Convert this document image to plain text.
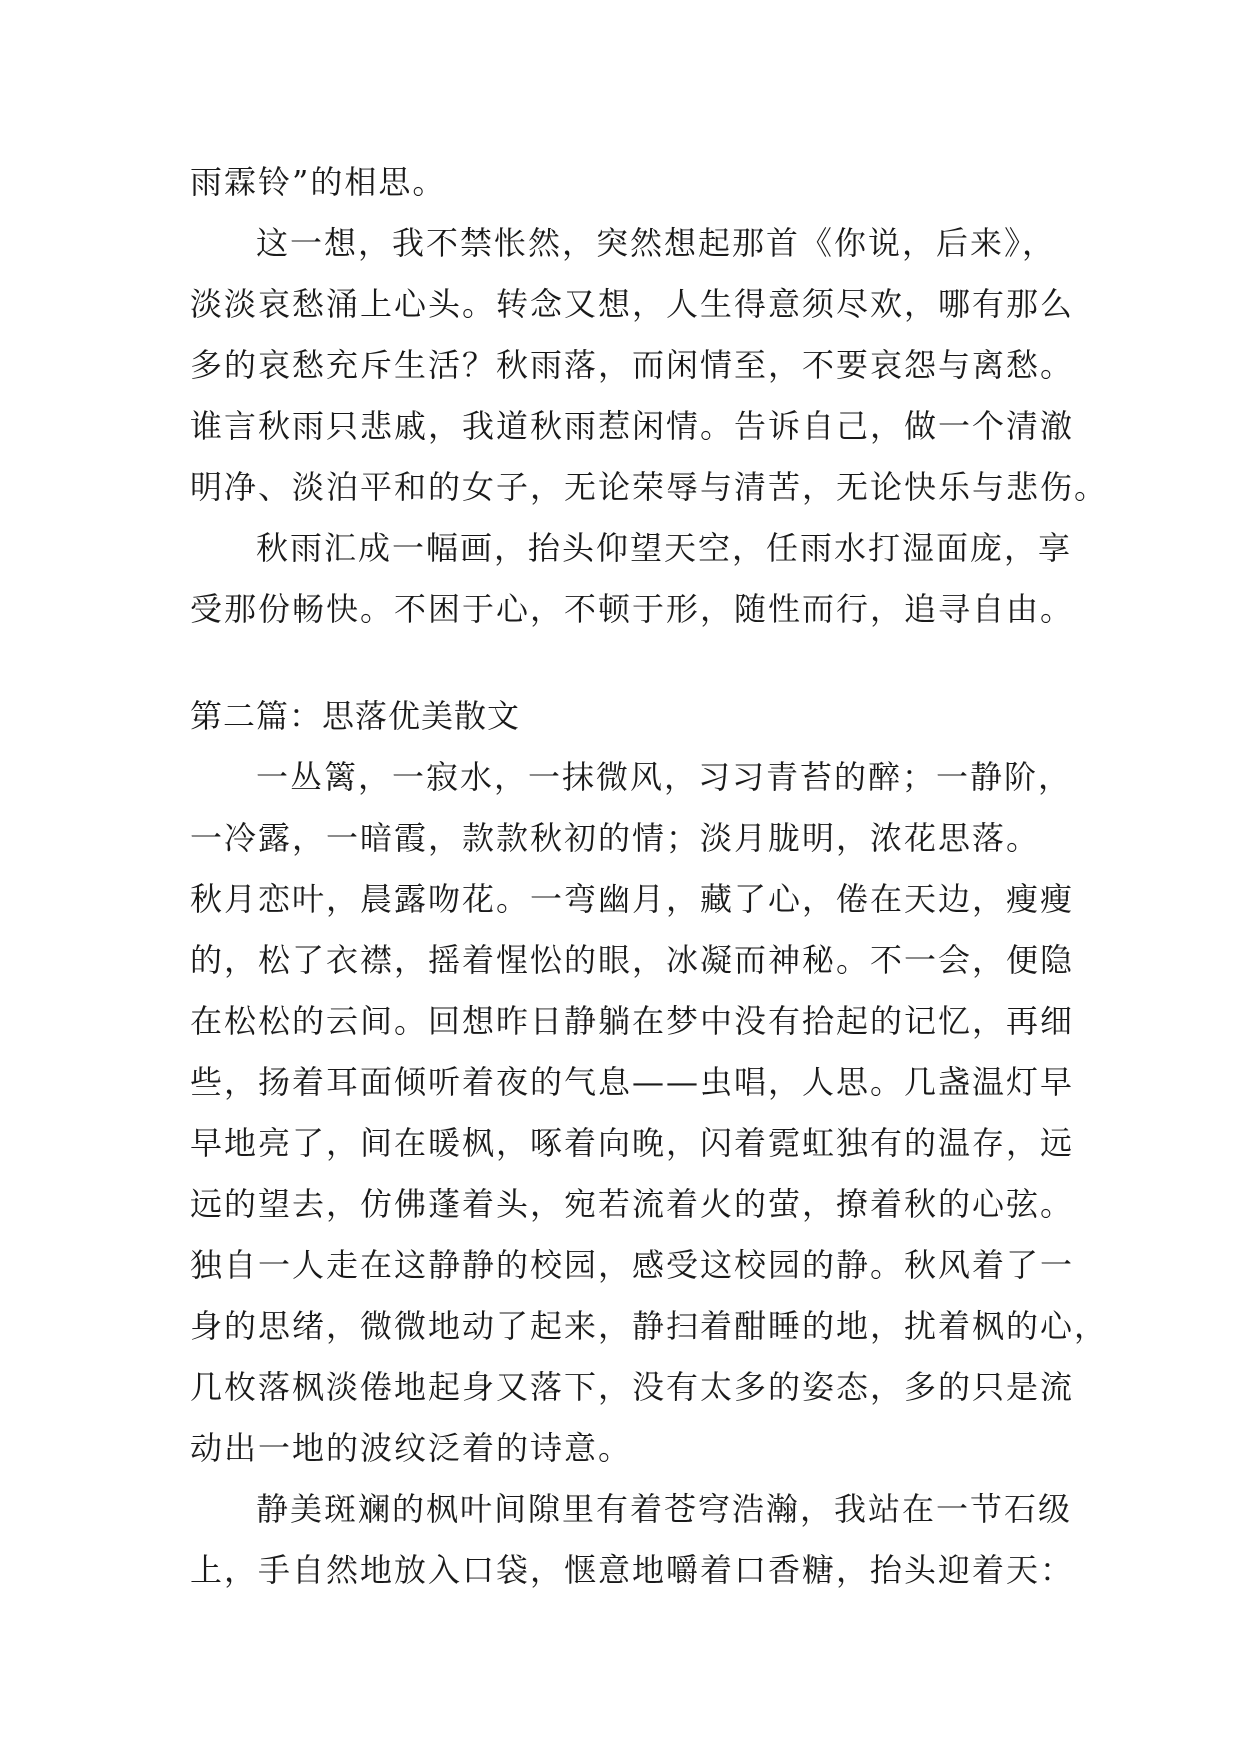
雨霖铃”的相思。
这一想，我不禁怅然，突然想起那首《你说，后来》，
淡淡哀愁涌上心头。转念又想，人生得意须尽欢，哪有那么
多的哀愁充斥生活？秋雨落，而闲情至，不要哀怨与离愁。
谁言秋雨只悲戚，我道秋雨惹闲情。告诉自己，做一个清澈
明净、淡泊平和的女子，无论荣辱与清苦，无论快乐与悲伤。
秋雨汇成一幅画，抬头仰望天空，任雨水打湿面庞，享
受那份畅快。不困于心，不顿于形，随性而行，追寻自由。
第二篇：思落优美散文
一丛篱，一寂水，一抹微风，习习青苔的醉；一静阶，
一冷露，一暗霞，款款秋初的情；淡月胧明，浓花思落。
秋月恋叶，晨露吻花。一弯幽月，藏了心，倦在天边，瘦瘦
的，松了衣襟，摇着惺忪的眼，冰凝而神秘。不一会，便隐
在松松的云间。回想昨日静躺在梦中没有拾起的记忆，再细
些，扬着耳面倾听着夜的气息——虫唱，人思。几盏温灯早
早地亮了，间在暖枫，啄着向晚，闪着霓虹独有的温存，远
远的望去，仿佛蓬着头，宛若流着火的萤，撩着秋的心弦。
独自一人走在这静静的校园，感受这校园的静。秋风着了一
身的思绪，微微地动了起来，静扫着酣睡的地，扰着枫的心，
几枚落枫淡倦地起身又落下，没有太多的姿态，多的只是流
动出一地的波纹泛着的诗意。
静美斑斓的枫叶间隙里有着苍穹浩瀚，我站在一节石级
上，手自然地放入口袋，惬意地嚼着口香糖，抬头迎着天：
